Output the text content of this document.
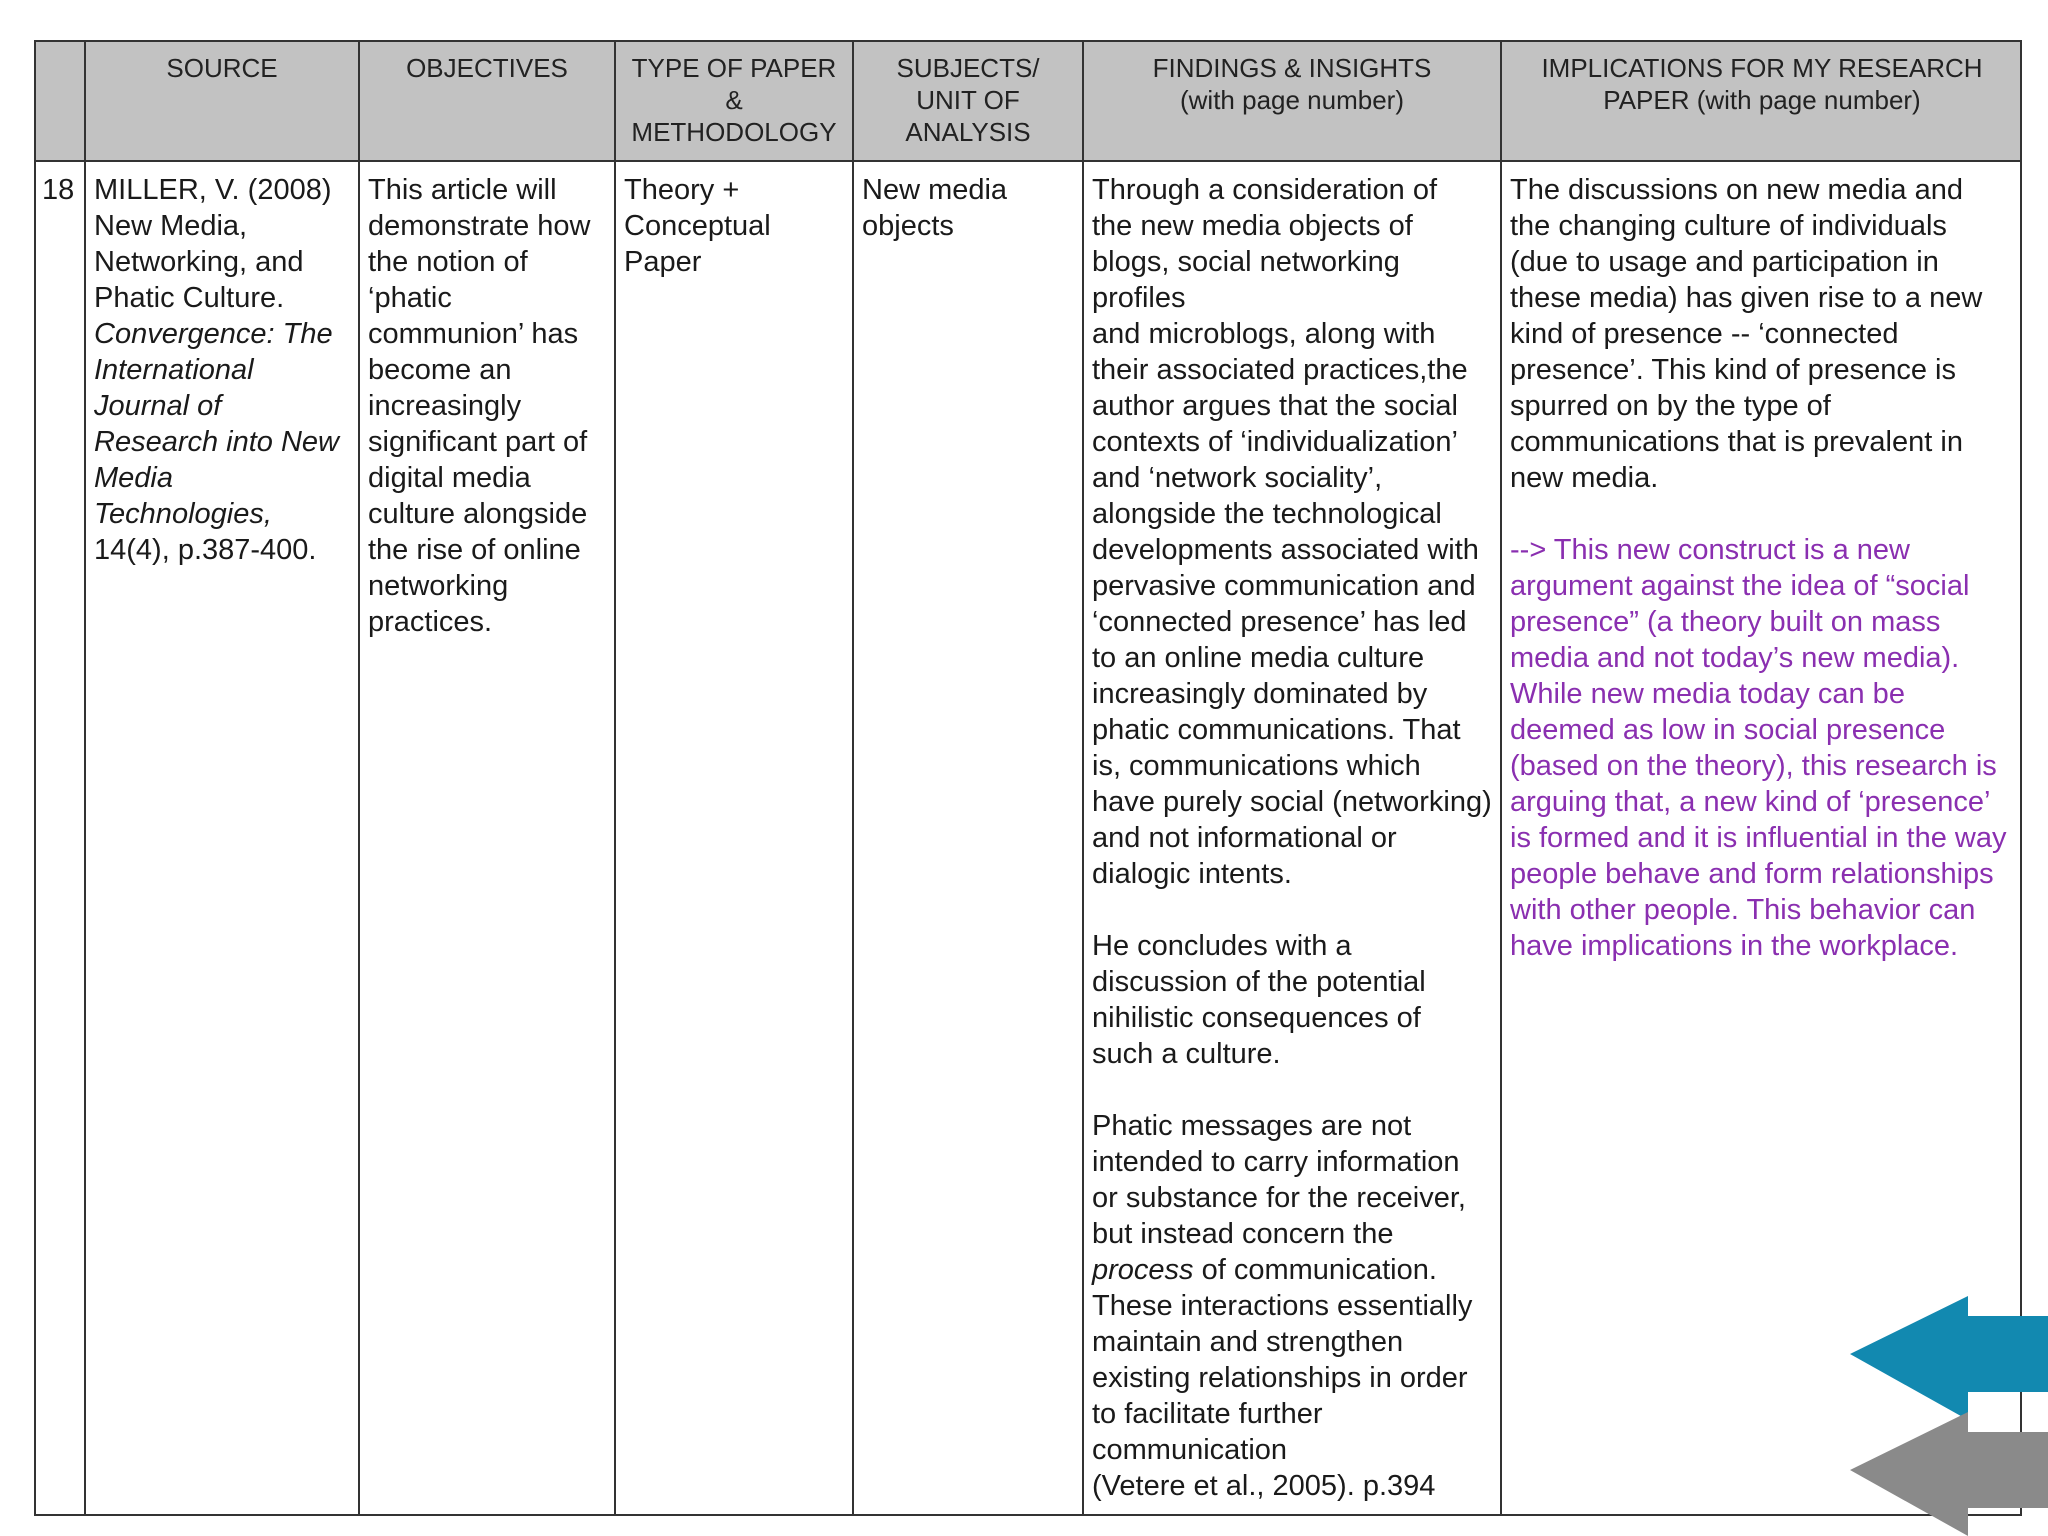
SOURCE	OBJECTIVES	TYPE OF PAPER
&
METHODOLOGY
SUBJECTS/
UNIT OF
ANALYSIS
FINDINGS & INSIGHTS
(with page number)
IMPLICATIONS FOR MY RESEARCH
PAPER (with page number)
18 MILLER, V. (2008)
New Media,
Networking, and
Phatic Culture.
Convergence: The
International
Journal of
Research into New
Media
Technologies,
14(4), p.387-400.
This article will
demonstrate how
the notion of
‘phatic
communion’ has
become an
increasingly
significant part of
digital media
culture alongside
the rise of online
networking
practices.
Theory +
Conceptual
Paper
New media
objects
Through a consideration of
the new media objects of
blogs, social networking
profiles
and microblogs, along with
their associated practices,the
author argues that the social
contexts of ‘individualization’
and ‘network sociality’,
alongside the technological
developments associated with
pervasive communication and
‘connected presence’ has led
to an online media culture
increasingly dominated by
phatic communications. That
is, communications which
have purely social (networking)
and not informational or
dialogic intents.
He concludes with a
discussion of the potential
nihilistic consequences of
such a culture.
Phatic messages are not
intended to carry information
or substance for the receiver,
but instead concern the
process of communication.
These interactions essentially
maintain and strengthen
existing relationships in order
to facilitate further
communication
(Vetere et al., 2005). p.394
The discussions on new media and
the changing culture of individuals
(due to usage and participation in
these media) has given rise to a new
kind of presence -- ‘connected
presence’. This kind of presence is
spurred on by the type of
communications that is prevalent in
new media.
--> This new construct is a new
argument against the idea of “social
presence” (a theory built on mass
media and not today’s new media).
While new media today can be
deemed as low in social presence
(based on the theory), this research is
arguing that, a new kind of ‘presence’
is formed and it is influential in the way
people behave and form relationships
with other people. This behavior can
have implications in the workplace.
